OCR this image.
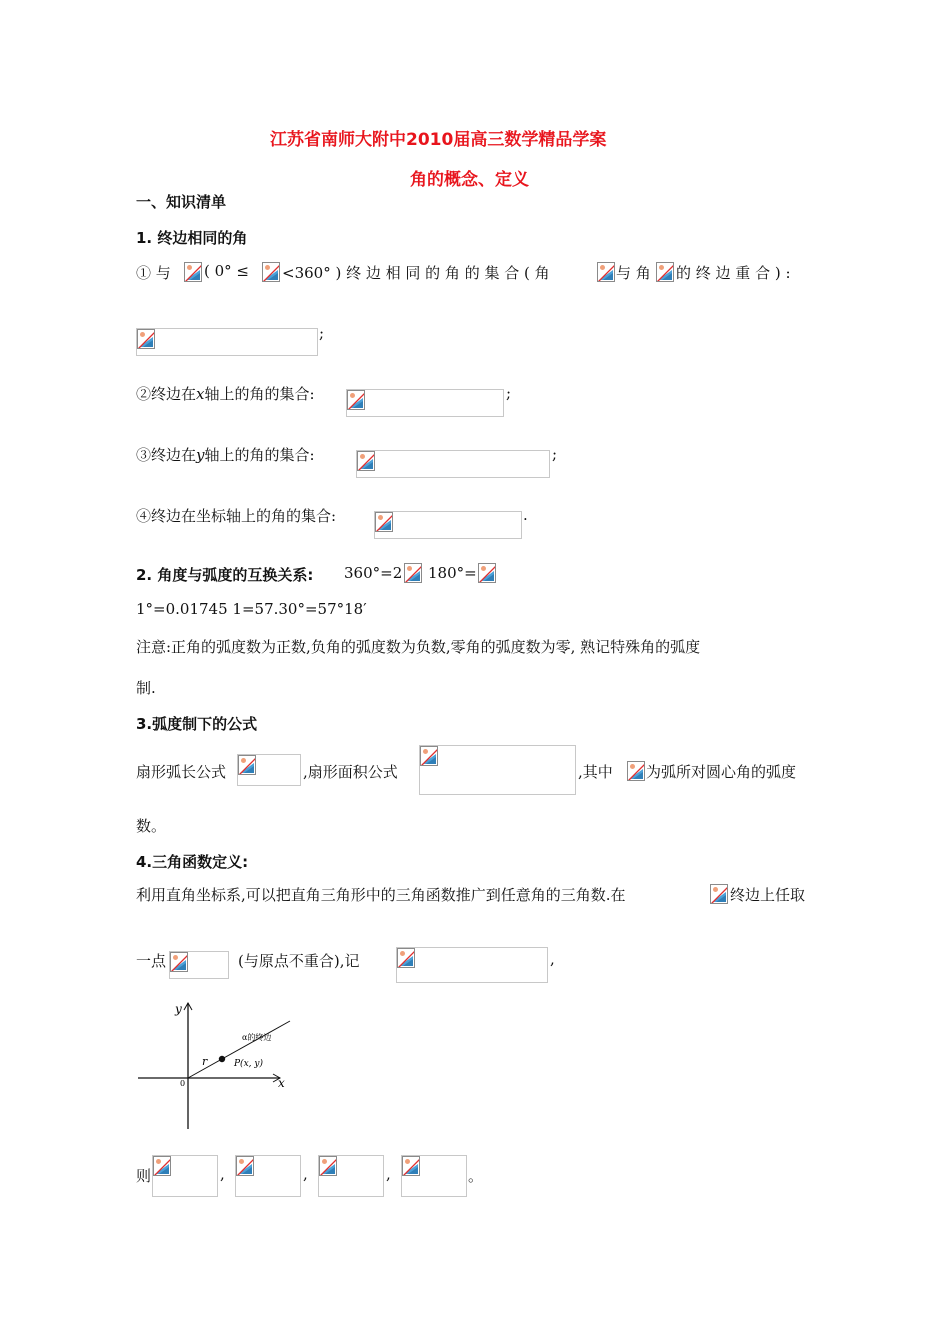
江苏省南师大附中2010届高三数学精品学案
角的概念、定义
一、知识清单
1. 终边相同的角
① 与 ( 0° ≤ <360° ) 终 边 相 同 的 角 的 集 合 ( 角	与 角 的 终 边 重 合 ) :
;
②终边在x轴上的角的集合:	;
③终边在y轴上的角的集合:	;
④终边在坐标轴上的角的集合:	.
2. 角度与弧度的互换关系: 360°=2 180°=
1°=0.01745 1=57.30°=57°18′
注意:正角的弧度数为正数,负角的弧度数为负数,零角的弧度数为零, 熟记特殊角的弧度
制.
3.弧度制下的公式
扇形弧长公式	,扇形面积公式	,其中 为弧所对圆心角的弧度
数。
4.三角函数定义:
利用直角坐标系,可以把直角三角形中的三角函数推广到任意角的三角数.在	终边上任取
一点	(与原点不重合),记	,
y
x
0
r	P(x, y)
α的终边
则	,	,	,	。
